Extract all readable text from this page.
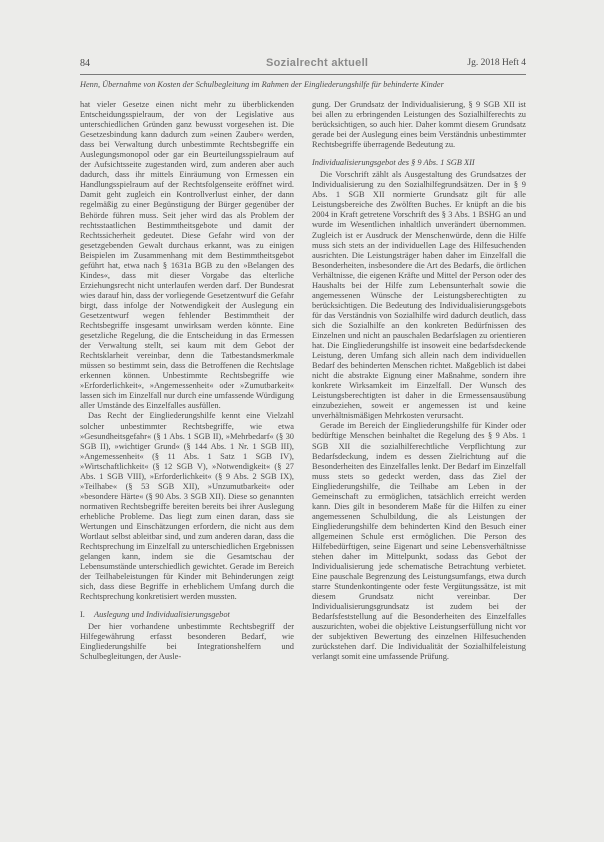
84	Sozialrecht aktuell	Jg. 2018 Heft 4
Henn, Übernahme von Kosten der Schulbegleitung im Rahmen der Eingliederungshilfe für behinderte Kinder

hat vieler Gesetze einen nicht mehr zu überblickenden Entscheidungsspielraum, der von der Legislative aus unterschiedlichen Gründen ganz bewusst vorgesehen ist. Die Gesetzesbindung kann dadurch zum »einen Zauber« werden, dass bei Verwaltung durch unbestimmte Rechtsbegriffe ein Auslegungsmonopol oder gar ein Beurteilungsspielraum auf der Aufsichtsseite zugestanden wird, zum anderen aber auch dadurch, dass ihr mittels Einräumung von Ermessen ein Handlungsspielraum auf der Rechtsfolgenseite eröffnet wird. Damit geht zugleich ein Kontrollverlust einher, der dann regelmäßig zu einer Begünstigung der Bürger gegenüber der Behörde führen muss. Seit jeher wird das als Problem der rechtsstaatlichen Bestimmtheitsgebote und damit der Rechtssicherheit gedeutet. Diese Gefahr wird von der gesetzgebenden Gewalt durchaus erkannt, was zu einigen Beispielen im Zusammenhang mit dem Bestimmtheitsgebot geführt hat, etwa nach § 1631a BGB zu den »Belangen des Kindes«, dass mit dieser Vorgabe das elterliche Erziehungsrecht nicht unterlaufen werden darf. Der Bundesrat wies darauf hin, dass der vorliegende Gesetzentwurf die Gefahr birgt, dass infolge der Notwendigkeit der Auslegung ein Gesetzentwurf wegen fehlender Bestimmtheit der Rechtsbegriffe insgesamt unwirksam werden könnte. Eine gesetzliche Regelung, die die Entscheidung in das Ermessen der Verwaltung stellt, sei kaum mit dem Gebot der Rechtsklarheit vereinbar, denn die Tatbestandsmerkmale müssen so bestimmt sein, dass die Betroffenen die Rechtslage erkennen können. Unbestimmte Rechtsbegriffe wie »Erforderlichkeit«, »Angemessenheit« oder »Zumutbarkeit« lassen sich im Einzelfall nur durch eine umfassende Würdigung aller Umstände des Einzelfalles ausfüllen.

Das Recht der Eingliederungshilfe kennt eine Vielzahl solcher unbestimmter Rechtsbegriffe, wie etwa »Gesundheitsgefahr« (§ 1 Abs. 1 SGB II), »Mehrbedarf« (§ 30 SGB II), »wichtiger Grund« (§ 144 Abs. 1 Nr. 1 SGB III), »Angemessenheit« (§ 11 Abs. 1 Satz 1 SGB IV), »Wirtschaftlichkeit« (§ 12 SGB V), »Notwendigkeit« (§ 27 Abs. 1 SGB VIII), »Erforderlichkeit« (§ 9 Abs. 2 SGB IX), »Teilhabe« (§ 53 SGB XII), »Unzumutbarkeit« oder »besondere Härte« (§ 90 Abs. 3 SGB XII). Diese so genannten normativen Rechtsbegriffe bereiten bereits bei ihrer Auslegung erhebliche Probleme. Das liegt zum einen daran, dass sie Wertungen und Einschätzungen erfordern, die nicht aus dem Wortlaut selbst ableitbar sind, und zum anderen daran, dass die Rechtsprechung im Einzelfall zu unterschiedlichen Ergebnissen gelangen kann, indem sie die Gesamtschau der Lebensumstände unterschiedlich gewichtet. Gerade im Bereich der Teilhabeleistungen für Kinder mit Behinderungen zeigt sich, dass diese Begriffe in erheblichem Umfang durch die Rechtsprechung konkretisiert werden mussten.

I. Auslegung und Individualisierungsgebot

Der hier vorhandene unbestimmte Rechtsbegriff der Hilfegewährung erfasst besonderen Bedarf, wie Eingliederungshilfe bei Integrationshelfern und Schulbegleitungen, der Ausle-

gung. Der Grundsatz der Individualisierung, § 9 SGB XII ist bei allen zu erbringenden Leistungen des Sozialhilferechts zu berücksichtigen, so auch hier. Daher kommt diesem Grundsatz gerade bei der Auslegung eines beim Verständnis unbestimmter Rechtsbegriffe überragende Bedeutung zu.

Individualisierungsgebot des § 9 Abs. 1 SGB XII

Die Vorschrift zählt als Ausgestaltung des Grundsatzes der Individualisierung zu den Sozialhilfegrundsätzen. Der in § 9 Abs. 1 SGB XII normierte Grundsatz gilt für alle Leistungsbereiche des Zwölften Buches. Er knüpft an die bis 2004 in Kraft getretene Vorschrift des § 3 Abs. 1 BSHG an und wurde im Wesentlichen inhaltlich unverändert übernommen. Zugleich ist er Ausdruck der Menschenwürde, denn die Hilfe muss sich stets an der individuellen Lage des Hilfesuchenden ausrichten. Die Leistungsträger haben daher im Einzelfall die Besonderheiten, insbesondere die Art des Bedarfs, die örtlichen Verhältnisse, die eigenen Kräfte und Mittel der Person oder des Haushalts bei der Hilfe zum Lebensunterhalt sowie die angemessenen Wünsche der Leistungsberechtigten zu berücksichtigen. Die Bedeutung des Individualisierungsgebots für das Verständnis von Sozialhilfe wird dadurch deutlich, dass sich die Sozialhilfe an den konkreten Bedürfnissen des Einzelnen und nicht an pauschalen Bedarfslagen zu orientieren hat. Die Eingliederungshilfe ist insoweit eine bedarfsdeckende Leistung, deren Umfang sich allein nach dem individuellen Bedarf des behinderten Menschen richtet. Maßgeblich ist dabei nicht die abstrakte Eignung einer Maßnahme, sondern ihre konkrete Wirksamkeit im Einzelfall. Der Wunsch des Leistungsberechtigten ist daher in die Ermessensausübung einzubeziehen, soweit er angemessen ist und keine unverhältnismäßigen Mehrkosten verursacht.

Gerade im Bereich der Eingliederungshilfe für Kinder oder bedürftige Menschen beinhaltet die Regelung des § 9 Abs. 1 SGB XII die sozialhilferechtliche Verpflichtung zur Bedarfsdeckung, indem es dessen Zielrichtung auf die Besonderheiten des Einzelfalles lenkt. Der Bedarf im Einzelfall muss stets so gedeckt werden, dass das Ziel der Eingliederungshilfe, die Teilhabe am Leben in der Gemeinschaft zu ermöglichen, tatsächlich erreicht werden kann. Dies gilt in besonderem Maße für die Hilfen zu einer angemessenen Schulbildung, die als Leistungen der Eingliederungshilfe dem behinderten Kind den Besuch einer allgemeinen Schule erst ermöglichen. Die Person des Hilfebedürftigen, seine Eigenart und seine Lebensverhältnisse stehen daher im Mittelpunkt, sodass das Gebot der Individualisierung jede schematische Betrachtung verbietet. Eine pauschale Begrenzung des Leistungsumfangs, etwa durch starre Stundenkontingente oder feste Vergütungssätze, ist mit diesem Grundsatz nicht vereinbar. Der Individualisierungsgrundsatz ist zudem bei der Bedarfsfeststellung auf die Besonderheiten des Einzelfalles auszurichten, wobei die objektive Leistungserfüllung nicht vor der subjektiven Bewertung des einzelnen Hilfesuchenden zurückstehen darf. Die Individualität der Sozialhilfeleistung verlangt somit eine umfassende Prüfung.
